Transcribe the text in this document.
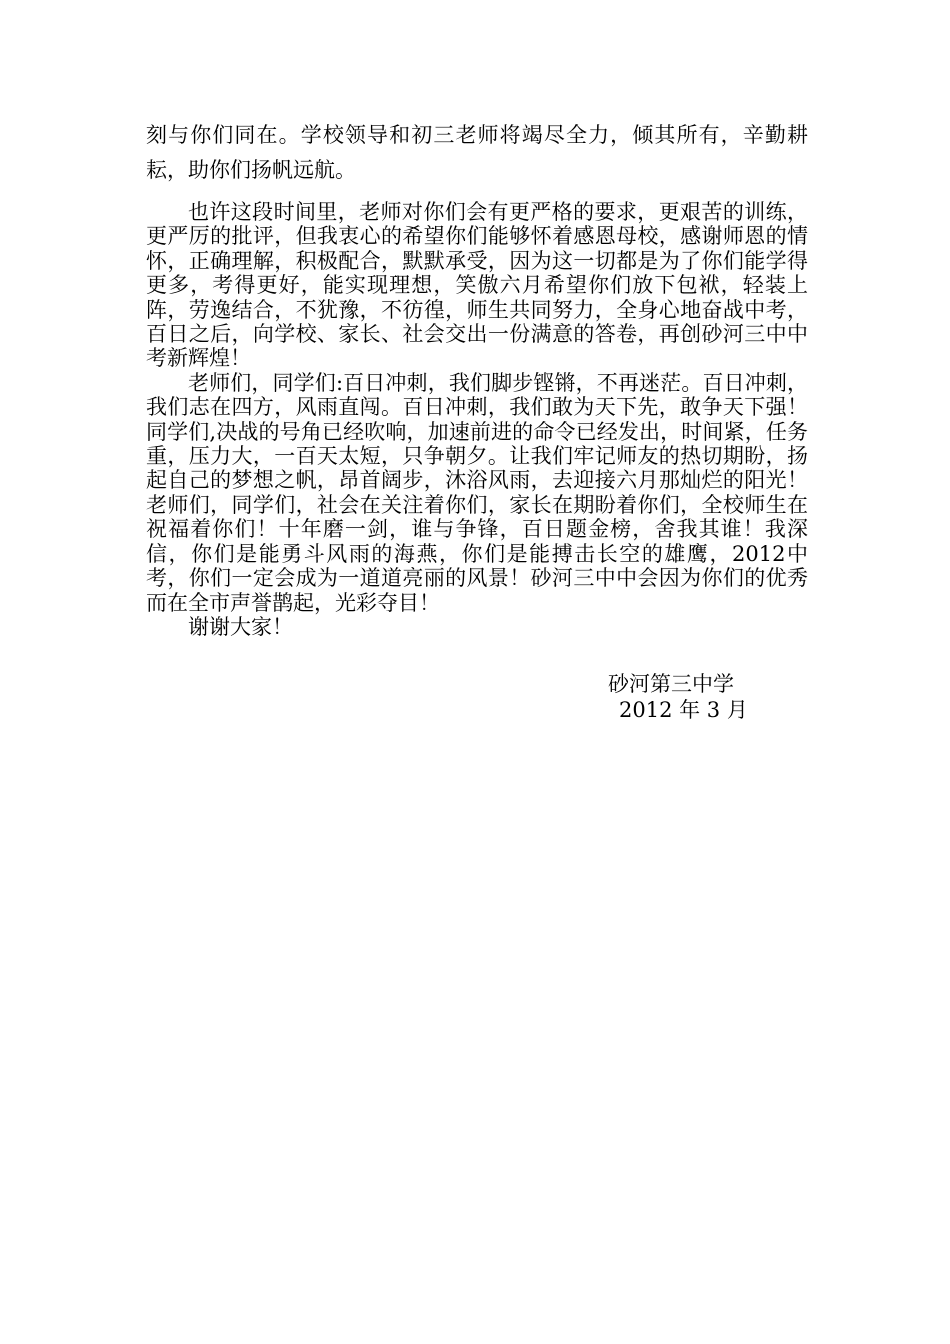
刻与你们同在。学校领导和初三老师将竭尽全力，倾其所有，辛勤耕耘，助你们扬帆远航。

也许这段时间里，老师对你们会有更严格的要求，更艰苦的训练，更严厉的批评，但我衷心的希望你们能够怀着感恩母校，感谢师恩的情怀，正确理解，积极配合，默默承受，因为这一切都是为了你们能学得更多，考得更好，能实现理想，笑傲六月希望你们放下包袱，轻装上阵，劳逸结合，不犹豫，不彷徨，师生共同努力，全身心地奋战中考，百日之后，向学校、家长、社会交出一份满意的答卷，再创砂河三中中考新辉煌！

老师们，同学们:百日冲刺，我们脚步铿锵，不再迷茫。百日冲刺，我们志在四方，风雨直闯。百日冲刺，我们敢为天下先，敢争天下强！同学们,决战的号角已经吹响，加速前进的命令已经发出，时间紧，任务重，压力大，一百天太短，只争朝夕。让我们牢记师友的热切期盼，扬起自己的梦想之帆，昂首阔步，沐浴风雨，去迎接六月那灿烂的阳光！老师们，同学们，社会在关注着你们，家长在期盼着你们，全校师生在祝福着你们！十年磨一剑，谁与争锋，百日题金榜，舍我其谁！我深信，你们是能勇斗风雨的海燕，你们是能搏击长空的雄鹰，2012中考，你们一定会成为一道道亮丽的风景！砂河三中中会因为你们的优秀而在全市声誉鹊起，光彩夺目！

谢谢大家！

砂河第三中学
2012 年 3 月
